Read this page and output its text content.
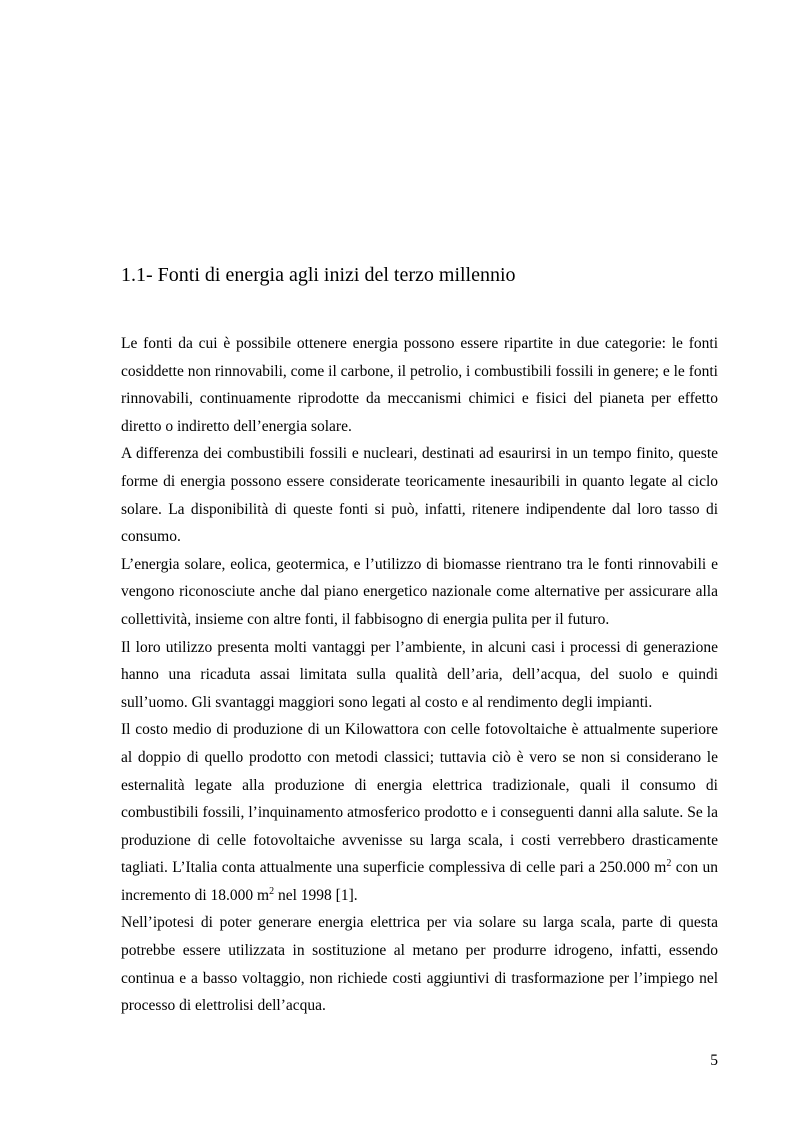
1.1- Fonti di energia agli inizi del terzo millennio

Le fonti da cui è possibile ottenere energia possono essere ripartite in due categorie: le fonti cosiddette non rinnovabili, come il carbone, il petrolio, i combustibili fossili in genere; e le fonti rinnovabili, continuamente riprodotte da meccanismi chimici e fisici del pianeta per effetto diretto o indiretto dell’energia solare.

A differenza dei combustibili fossili e nucleari, destinati ad esaurirsi in un tempo finito, queste forme di energia possono essere considerate teoricamente inesauribili in quanto legate al ciclo solare. La disponibilità di queste fonti si può, infatti, ritenere indipendente dal loro tasso di consumo.

L’energia solare, eolica, geotermica, e l’utilizzo di biomasse rientrano tra le fonti rinnovabili e vengono riconosciute anche dal piano energetico nazionale come alternative per assicurare alla collettività, insieme con altre fonti, il fabbisogno di energia pulita per il futuro.

Il loro utilizzo presenta molti vantaggi per l’ambiente, in alcuni casi i processi di generazione hanno una ricaduta assai limitata sulla qualità dell’aria, dell’acqua, del suolo e quindi sull’uomo. Gli svantaggi maggiori sono legati al costo e al rendimento degli impianti.

Il costo medio di produzione di un Kilowattora con celle fotovoltaiche è attualmente superiore al doppio di quello prodotto con metodi classici; tuttavia ciò è vero se non si considerano le esternalità legate alla produzione di energia elettrica tradizionale, quali il consumo di combustibili fossili, l’inquinamento atmosferico prodotto e i conseguenti danni alla salute. Se la produzione di celle fotovoltaiche avvenisse su larga scala, i costi verrebbero drasticamente tagliati. L’Italia conta attualmente una superficie complessiva di celle pari a 250.000 $m^2$ con un incremento di 18.000 $m^2$ nel 1998 [1].

Nell’ipotesi di poter generare energia elettrica per via solare su larga scala, parte di questa potrebbe essere utilizzata in sostituzione al metano per produrre idrogeno, infatti, essendo continua e a basso voltaggio, non richiede costi aggiuntivi di trasformazione per l’impiego nel processo di elettrolisi dell’acqua.

5
